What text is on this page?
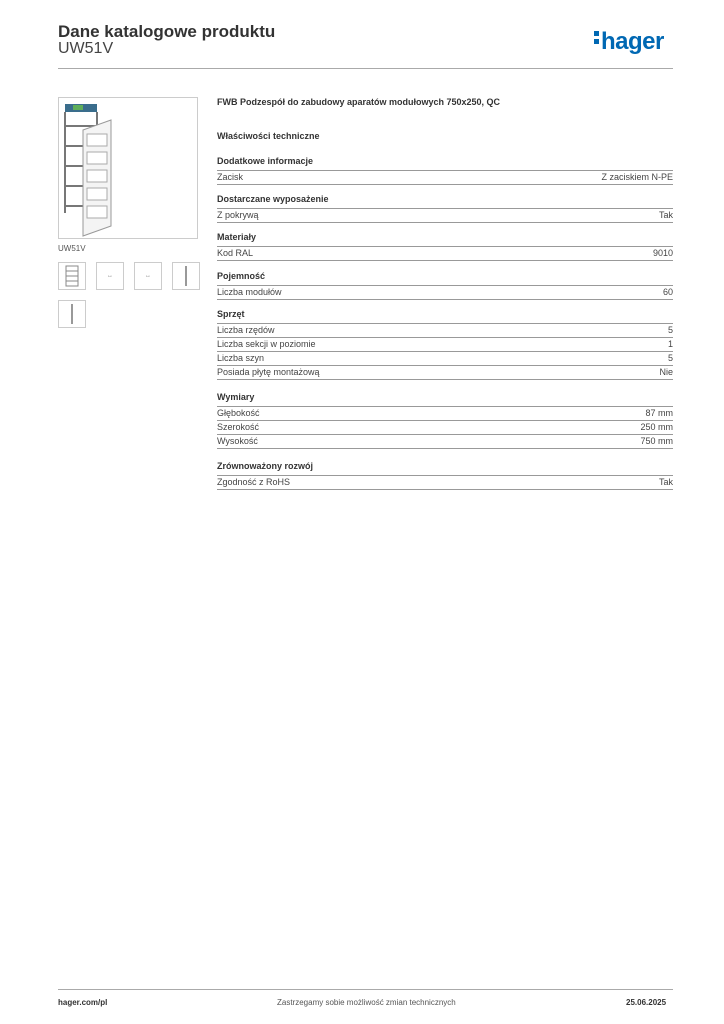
Dane katalogowe produktu
UW51V	hager
UW51V
↔	↔
FWB Podzespół do zabudowy aparatów modułowych 750x250, QC
Właściwości techniczne
Dodatkowe informacje
Zacisk	Z zaciskiem N-PE
Dostarczane wyposażenie
Z pokrywą	Tak
Materiały
Kod RAL	9010
Pojemność
Liczba modułów	60
Sprzęt
Liczba rzędów	5
Liczba sekcji w poziomie	1
Liczba szyn	5
Posiada płytę montażową	Nie
Wymiary
Głębokość	87 mm
Szerokość	250 mm
Wysokość	750 mm
Zrównoważony rozwój
Zgodność z RoHS	Tak
hager.com/pl	Zastrzegamy sobie możliwość zmian technicznych	25.06.2025
